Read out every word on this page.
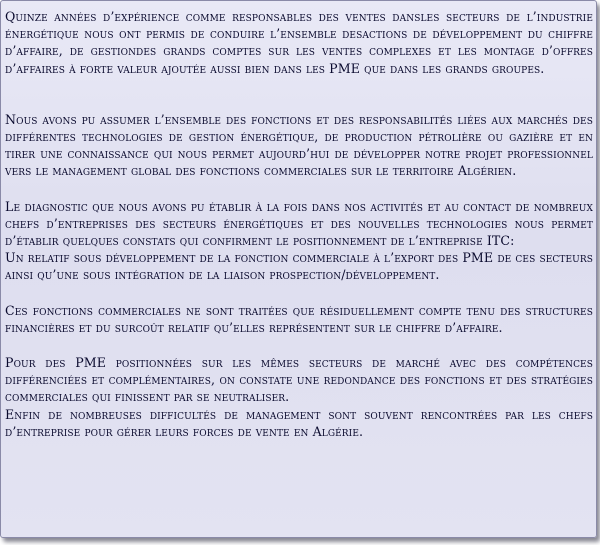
Quinze années d’expérience comme responsables des ventes dansles secteurs de l’industrie énergétique nous ont permis de conduire l’ensemble desactions de développement du chiffre d’affaire, de gestiondes grands comptes sur les ventes complexes et les montage d’offres d’affaires à forte valeur ajoutée aussi bien dans les PME que dans les grands groupes.

Nous avons pu assumer l’ensemble des fonctions et des responsabilités liées aux marchés des différentes technologies de gestion énergétique, de production pétrolière ou gazière et en tirer une connaissance qui nous permet aujourd’hui de développer notre projet professionnel vers le management global des fonctions commerciales sur le territoire Algérien.

Le diagnostic que nous avons pu établir à la fois dans nos activités et au contact de nombreux chefs d’entreprises des secteurs énergétiques et des nouvelles technologies nous permet d’établir quelques constats qui confirment le positionnement de l’entreprise ITC:

Un relatif sous développement de la fonction commerciale à l’export des PME de ces secteurs ainsi qu’une sous intégration de la liaison prospection/développement.

Ces fonctions commerciales ne sont traitées que résiduellement compte tenu des structures financières et du surcoût relatif qu’elles représentent sur le chiffre d’affaire.

Pour des PME positionnées sur les mêmes secteurs de marché avec des compétences différenciées et complémentaires, on constate une redondance des fonctions et des stratégies commerciales qui finissent par se neutraliser.

Enfin de nombreuses difficultés de management sont souvent rencontrées par les chefs d’entreprise pour gérer leurs forces de vente en Algérie.
